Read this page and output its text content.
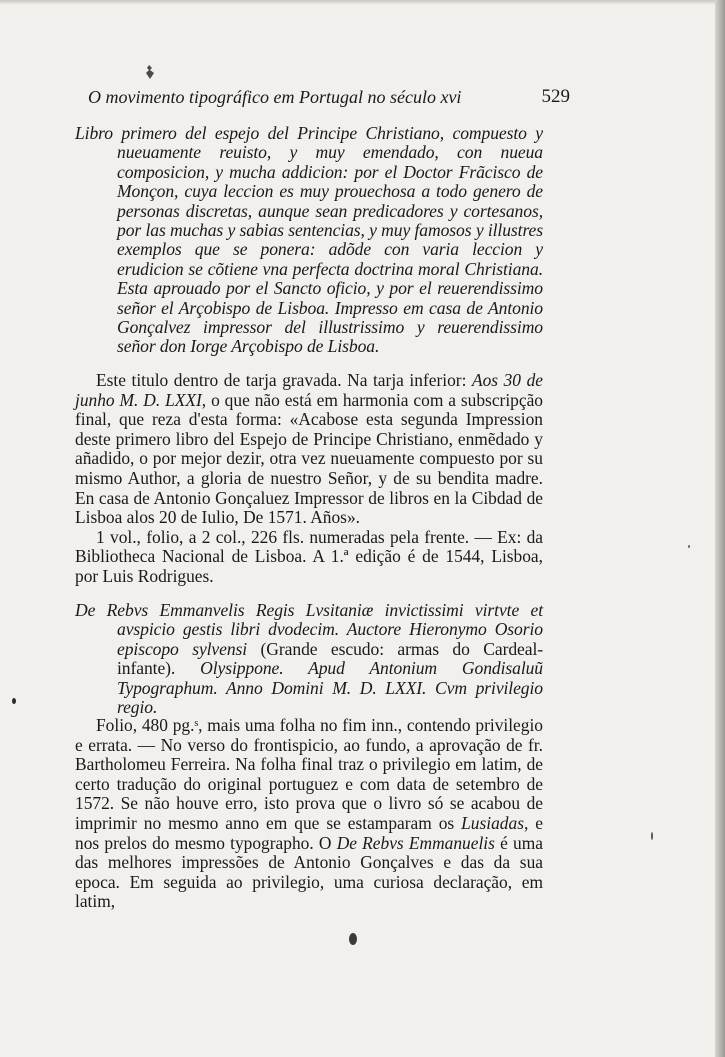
O movimento tipográfico em Portugal no século xvi	529

Libro primero del espejo del Principe Christiano, compuesto y nueuamente reuisto, y muy emendado, con nueua composicion, y mucha addicion: por el Doctor Frãcisco de Monçon, cuya leccion es muy prouechosa a todo genero de personas discretas, aunque sean predicadores y cortesanos, por las muchas y sabias sentencias, y muy famosos y illustres exemplos que se ponera: adõde con varia leccion y erudicion se cõtiene vna perfecta doctrina moral Christiana. Esta aprouado por el Sancto oficio, y por el reuerendissimo señor el Arçobispo de Lisboa. Impresso em casa de Antonio Gonçalvez impressor del illustrissimo y reuerendissimo señor don Iorge Arçobispo de Lisboa.

Este titulo dentro de tarja gravada. Na tarja inferior: Aos 30 de junho M. D. LXXI, o que não está em harmonia com a subscripção final, que reza d'esta forma: «Acabose esta segunda Impression deste primero libro del Espejo de Principe Christiano, enmẽdado y añadido, o por mejor dezir, otra vez nueuamente compuesto por su mismo Author, a gloria de nuestro Señor, y de su bendita madre. En casa de Antonio Gonçaluez Impressor de libros en la Cibdad de Lisboa alos 20 de Iulio, De 1571. Años».

1 vol., folio, a 2 col., 226 fls. numeradas pela frente. — Ex: da Bibliotheca Nacional de Lisboa. A 1.ª edição é de 1544, Lisboa, por Luis Rodrigues.

De Rebvs Emmanvelis Regis Lvsitaniæ invictissimi virtvte et avspicio gestis libri dvodecim. Auctore Hieronymo Osorio episcopo sylvensi (Grande escudo: armas do Cardeal-infante). Olysippone. Apud Antonium Gondisaluũ Typographum. Anno Domini M. D. LXXI. Cvm privilegio regio.

Folio, 480 pg.ˢ, mais uma folha no fim inn., contendo privilegio e errata. — No verso do frontispicio, ao fundo, a aprovação de fr. Bartholomeu Ferreira. Na folha final traz o privilegio em latim, de certo tradução do original portuguez e com data de setembro de 1572. Se não houve erro, isto prova que o livro só se acabou de imprimir no mesmo anno em que se estamparam os Lusiadas, e nos prelos do mesmo typographo. O De Rebvs Emmanuelis é uma das melhores impressões de Antonio Gonçalves e das da sua epoca. Em seguida ao privilegio, uma curiosa declaração, em latim,
